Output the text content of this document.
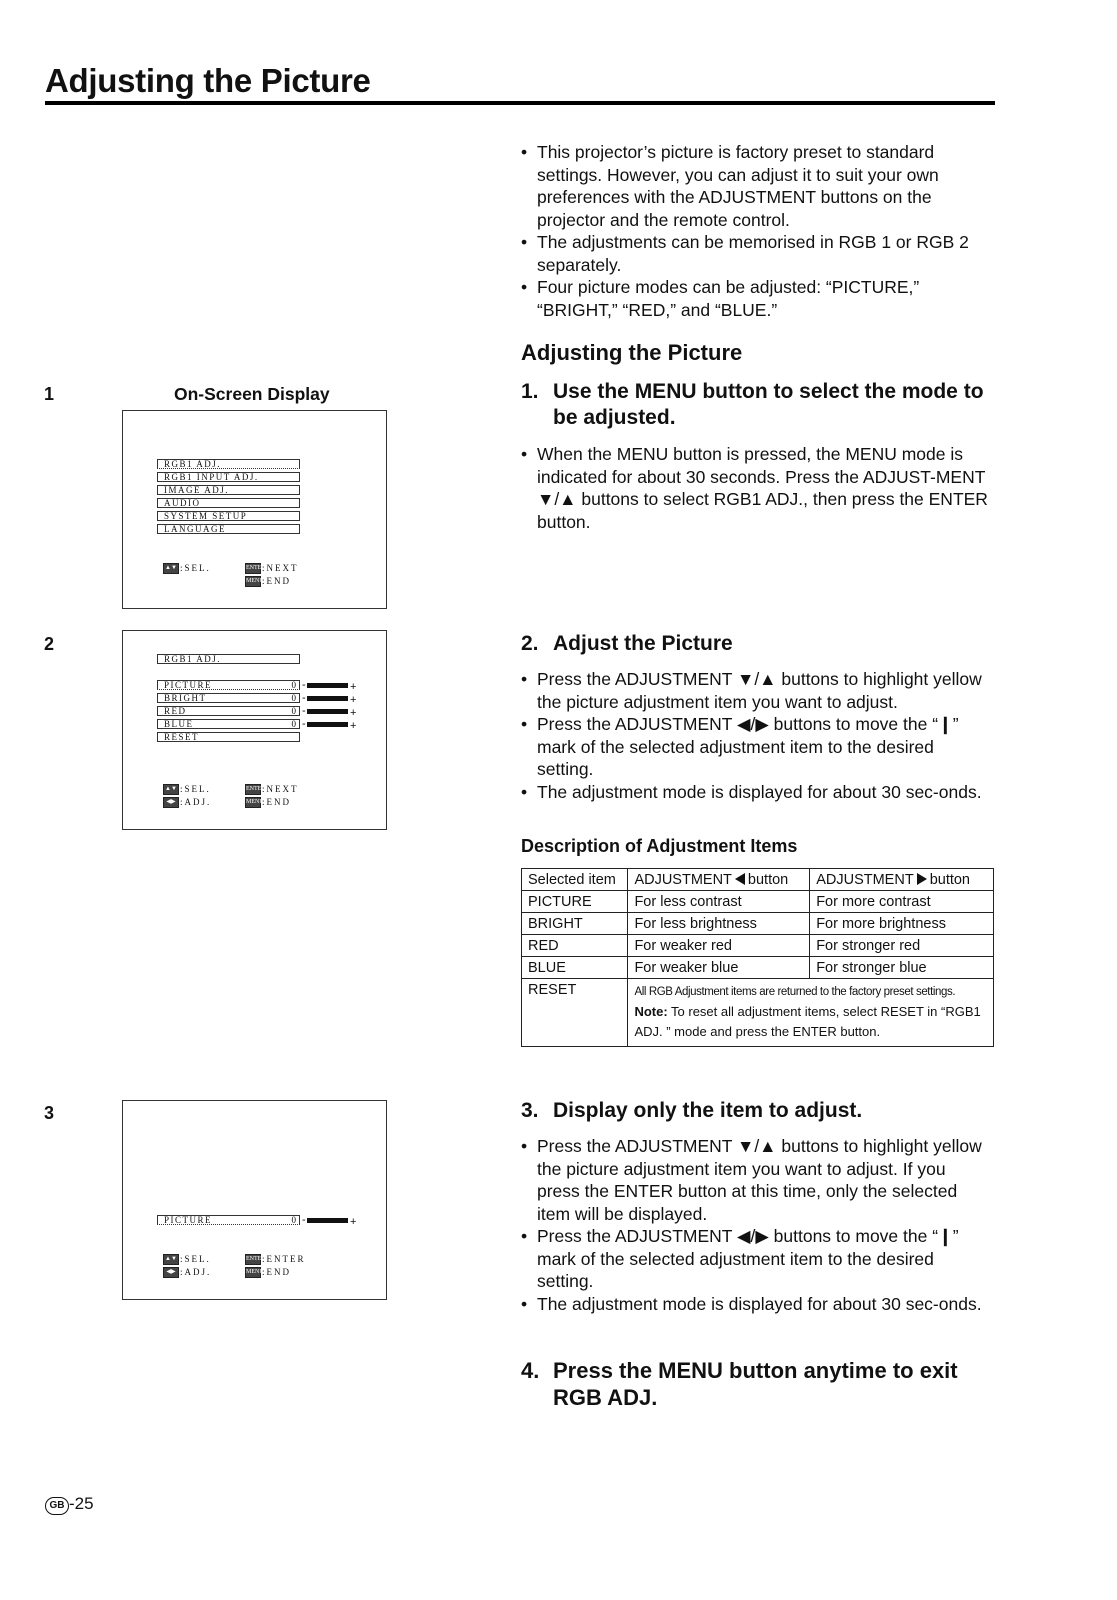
Adjusting the Picture
• This projector’s picture is factory preset to standard settings. However, you can adjust it to suit your own preferences with the ADJUSTMENT buttons on the projector and the remote control.
• The adjustments can be memorised in RGB 1 or RGB 2 separately.
• Four picture modes can be adjusted: “PICTURE,” “BRIGHT,” “RED,” and “BLUE.”
Adjusting the Picture
1
2
3
On-Screen Display
RGB1 ADJ.
RGB1 INPUT ADJ.
IMAGE ADJ.
AUDIO
SYSTEM SETUP
LANGUAGE
▲▼ :SEL.	ENTER:NEXT
MENU:END
RGB1 ADJ.
PICTURE	0
BRIGHT	0
RED	0
BLUE	0
RESET
-	+
-	+
-	+
-	+
▲▼ :SEL.	ENTER:NEXT
◀▶ :ADJ.	MENU:END
PICTURE	0 -	+
▲▼ :SEL.	ENTER:ENTER
◀▶ :ADJ.	MENU:END
1. Use the MENU button to select the mode to be adjusted.
• When the MENU button is pressed, the MENU mode is indicated for about 30 seconds. Press the ADJUST-MENT ▼/▲ buttons to select RGB1 ADJ., then press the ENTER button.
2. Adjust the Picture
• Press the ADJUSTMENT ▼/▲ buttons to highlight yellow the picture adjustment item you want to adjust.
• Press the ADJUSTMENT ◀/▶ buttons to move the “❙” mark of the selected adjustment item to the desired setting.
• The adjustment mode is displayed for about 30 sec-onds.
Description of Adjustment Items
Selected item	ADJUSTMENT button	ADJUSTMENT button
PICTURE	For less contrast	For more contrast
BRIGHT	For less brightness	For more brightness
RED	For weaker red	For stronger red
BLUE	For weaker blue	For stronger blue
RESET	All RGB Adjustment items are returned to the factory preset settings.
Note: To reset all adjustment items, select RESET in “RGB1 ADJ. ” mode and press the ENTER button.	
3. Display only the item to adjust.
• Press the ADJUSTMENT ▼/▲ buttons to highlight yellow the picture adjustment item you want to adjust. If you press the ENTER button at this time, only the selected item will be displayed.
• Press the ADJUSTMENT ◀/▶ buttons to move the “❙” mark of the selected adjustment item to the desired setting.
• The adjustment mode is displayed for about 30 sec-onds.
4. Press the MENU button anytime to exit RGB ADJ.
GB -25
